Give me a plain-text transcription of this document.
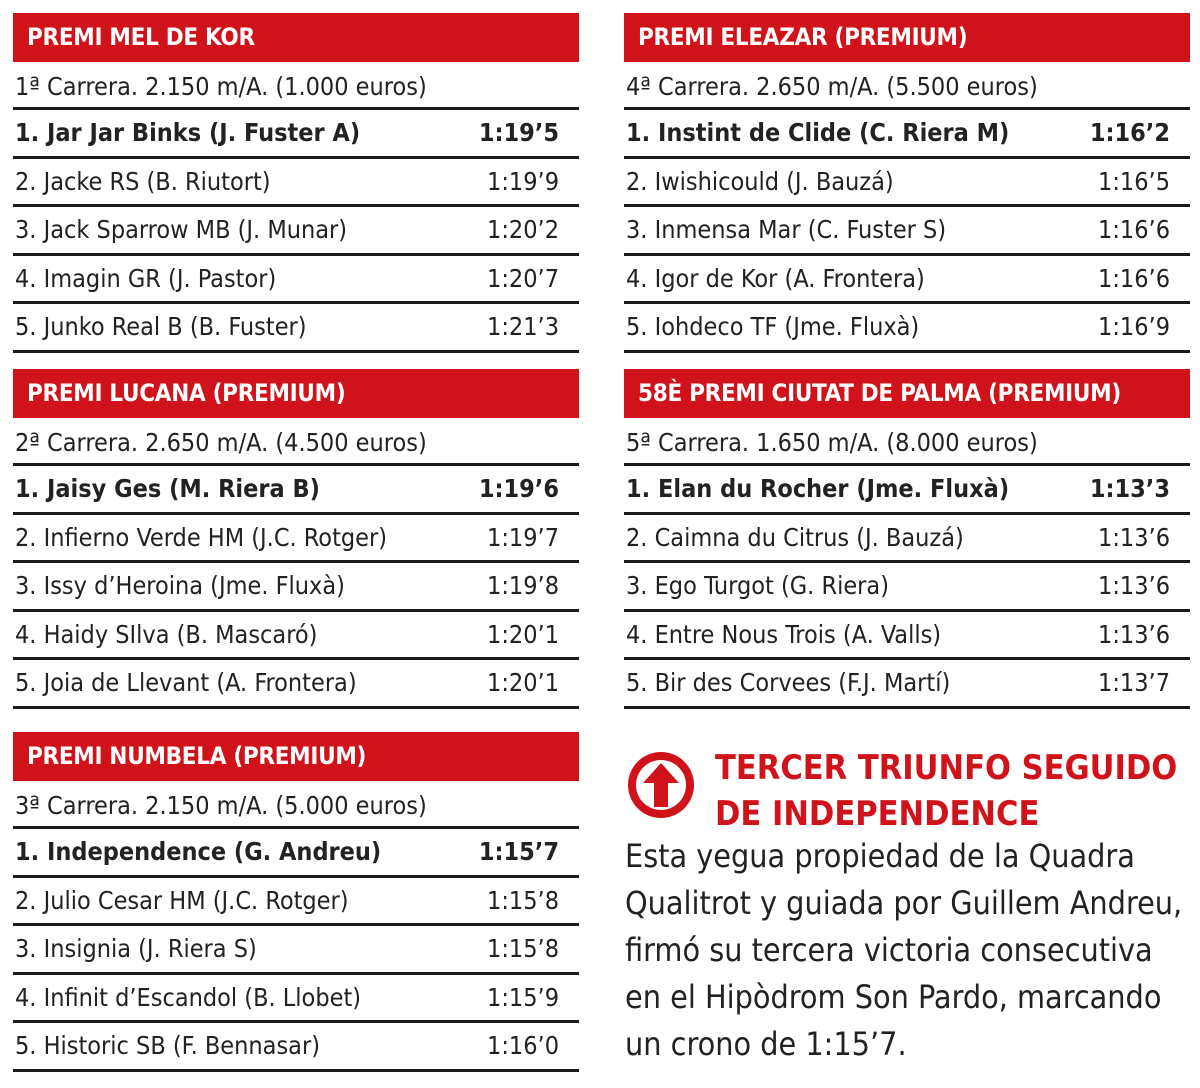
PREMI MEL DE KOR
1ª Carrera. 2.150 m/A. (1.000 euros)
1. Jar Jar Binks (J. Fuster A)	1:19’5
2. Jacke RS (B. Riutort)	1:19’9
3. Jack Sparrow MB (J. Munar)	1:20’2
4. Imagin GR (J. Pastor)	1:20’7
5. Junko Real B (B. Fuster)	1:21’3
PREMI LUCANA (PREMIUM)
2ª Carrera. 2.650 m/A. (4.500 euros)
1. Jaisy Ges (M. Riera B)	1:19’6
2. Infierno Verde HM (J.C. Rotger)	1:19’7
3. Issy d’Heroina (Jme. Fluxà)	1:19’8
4. Haidy SIlva (B. Mascaró)	1:20’1
5. Joia de Llevant (A. Frontera)	1:20’1
PREMI NUMBELA (PREMIUM)
3ª Carrera. 2.150 m/A. (5.000 euros)
1. Independence (G. Andreu)	1:15’7
2. Julio Cesar HM (J.C. Rotger)	1:15’8
3. Insignia (J. Riera S)	1:15’8
4. Infinit d’Escandol (B. Llobet)	1:15’9
5. Historic SB (F. Bennasar)	1:16’0
PREMI ELEAZAR (PREMIUM)
4ª Carrera. 2.650 m/A. (5.500 euros)
1. Instint de Clide (C. Riera M)	1:16’2
2. Iwishicould (J. Bauzá)	1:16’5
3. Inmensa Mar (C. Fuster S)	1:16’6
4. Igor de Kor (A. Frontera)	1:16’6
5. Iohdeco TF (Jme. Fluxà)	1:16’9
58È PREMI CIUTAT DE PALMA (PREMIUM)
5ª Carrera. 1.650 m/A. (8.000 euros)
1. Elan du Rocher (Jme. Fluxà)	1:13’3
2. Caimna du Citrus (J. Bauzá)	1:13’6
3. Ego Turgot (G. Riera)	1:13’6
4. Entre Nous Trois (A. Valls)	1:13’6
5. Bir des Corvees (F.J. Martí)	1:13’7
TERCER TRIUNFO SEGUIDO
DE INDEPENDENCE
Esta yegua propiedad de la Quadra Qualitrot y guiada por Guillem Andreu, firmó su tercera victoria consecutiva en el Hipòdrom Son Pardo, marcando un crono de 1:15’7.
